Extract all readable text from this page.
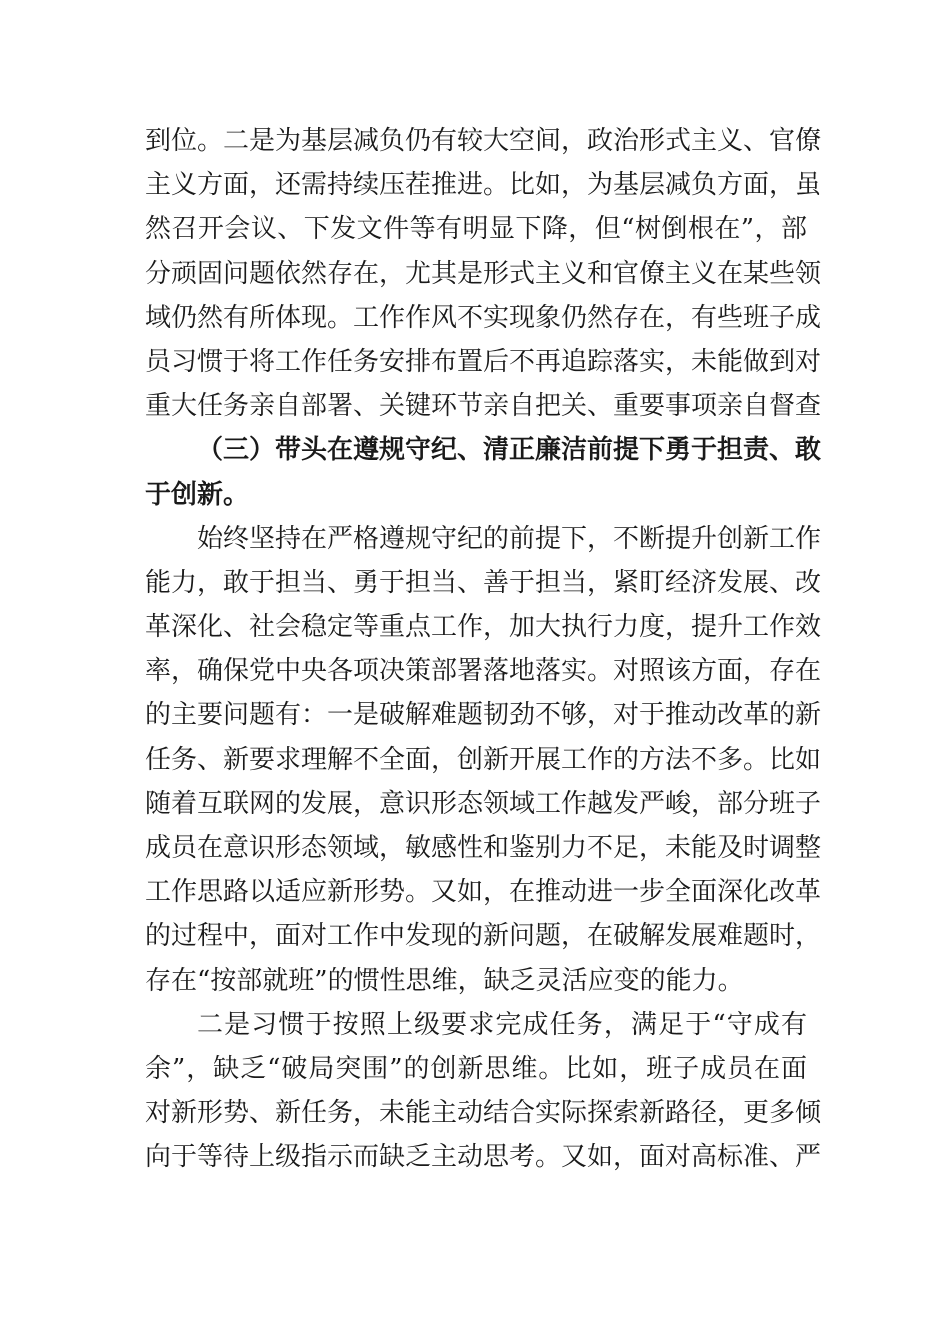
到位。二是为基层减负仍有较大空间，政治形式主义、官僚
主义方面，还需持续压茬推进。比如，为基层减负方面，虽
然召开会议、下发文件等有明显下降，但“树倒根在”，部
分顽固问题依然存在，尤其是形式主义和官僚主义在某些领
域仍然有所体现。工作作风不实现象仍然存在，有些班子成
员习惯于将工作任务安排布置后不再追踪落实，未能做到对
重大任务亲自部署、关键环节亲自把关、重要事项亲自督查
（三）带头在遵规守纪、清正廉洁前提下勇于担责、敢
于创新。
始终坚持在严格遵规守纪的前提下，不断提升创新工作
能力，敢于担当、勇于担当、善于担当，紧盯经济发展、改
革深化、社会稳定等重点工作，加大执行力度，提升工作效
率，确保党中央各项决策部署落地落实。对照该方面，存在
的主要问题有：一是破解难题韧劲不够，对于推动改革的新
任务、新要求理解不全面，创新开展工作的方法不多。比如
随着互联网的发展，意识形态领域工作越发严峻，部分班子
成员在意识形态领域，敏感性和鉴别力不足，未能及时调整
工作思路以适应新形势。又如，在推动进一步全面深化改革
的过程中，面对工作中发现的新问题，在破解发展难题时，
存在“按部就班”的惯性思维，缺乏灵活应变的能力。
二是习惯于按照上级要求完成任务，满足于“守成有
余”，缺乏“破局突围”的创新思维。比如，班子成员在面
对新形势、新任务，未能主动结合实际探索新路径，更多倾
向于等待上级指示而缺乏主动思考。又如，面对高标准、严
